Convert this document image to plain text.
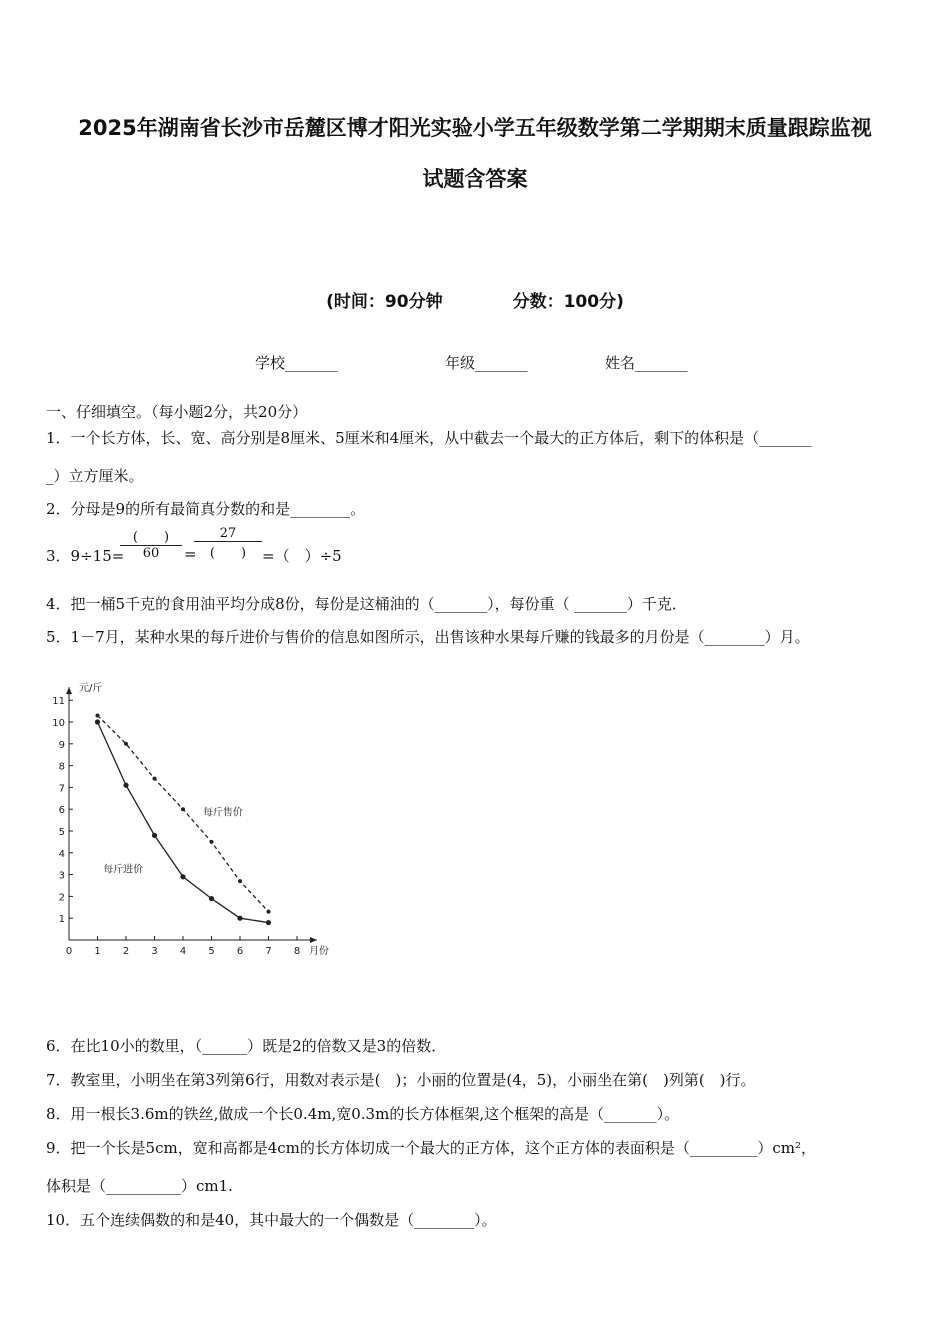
2025年湖南省长沙市岳麓区博才阳光实验小学五年级数学第二学期期末质量跟踪监视
试题含答案
(时间：90分钟	分数：100分)
学校_______	年级_______	姓名_______
一、仔细填空。（每小题2分，共20分）
1．一个长方体，长、宽、高分别是8厘米、5厘米和4厘米，从中截去一个最大的正方体后，剩下的体积是（_______
_）立方厘米。
2．分母是9的所有最简真分数的和是________。
3．9÷15=
(　　)
60	=
27
(　　)	=（　）÷5
4．把一桶5千克的食用油平均分成8份，每份是这桶油的（_______），每份重（ _______）千克．
5．1－7月，某种水果的每斤进价与售价的信息如图所示，出售该种水果每斤赚的钱最多的月份是（________）月。
0 1 2 3 4 5 6 7 8
1
2
3
4
5
6
7
8
9
10
11
元/斤
月份
每斤售价
每斤进价
6．在比10小的数里，（______）既是2的倍数又是3的倍数．
7．教室里，小明坐在第3列第6行，用数对表示是(　)；小丽的位置是(4，5)，小丽坐在第(　)列第(　)行。
8．用一根长3.6m的铁丝,做成一个长0.4m,宽0.3m的长方体框架,这个框架的高是（_______）。
9．把一个长是5cm，宽和高都是4cm的长方体切成一个最大的正方体，这个正方体的表面积是（_________）cm²，
体积是（__________）cm1.
10．五个连续偶数的和是40，其中最大的一个偶数是（________）。
